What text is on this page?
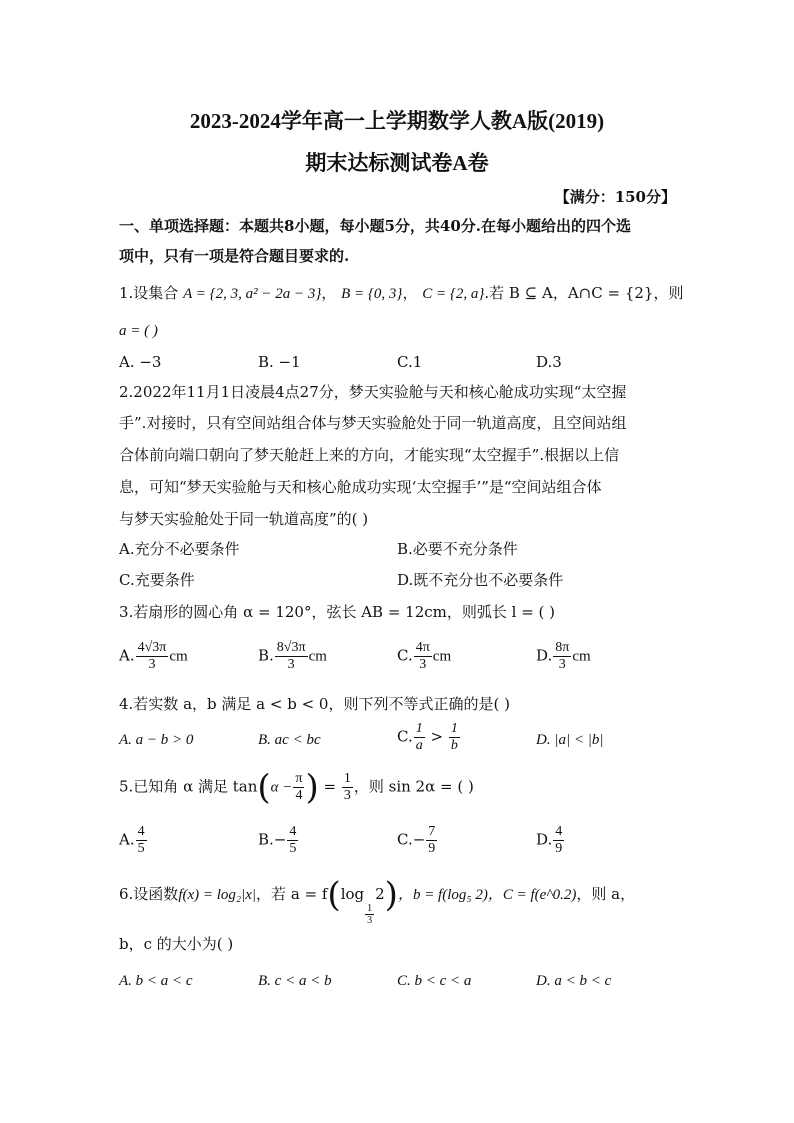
2023-2024学年高一上学期数学人教A版(2019)
期末达标测试卷A卷
【满分：150分】
一、单项选择题：本题共8小题，每小题5分，共40分.在每小题给出的四个选
项中，只有一项是符合题目要求的.
1.设集合 A = {2, 3, a² − 2a − 3}， B = {0, 3}， C = {2, a}.若 B ⊆ A，A∩C = {2}，则
a = ( )
A. −3	B. −1	C.1	D.3
2.2022年11月1日凌晨4点27分，梦天实验舱与天和核心舱成功实现“太空握
手”.对接时，只有空间站组合体与梦天实验舱处于同一轨道高度，且空间站组
合体前向端口朝向了梦天舱赶上来的方向，才能实现“太空握手”.根据以上信
息，可知“梦天实验舱与天和核心舱成功实现‘太空握手’”是“空间站组合体
与梦天实验舱处于同一轨道高度”的( )
A.充分不必要条件	B.必要不充分条件
C.充要条件	D.既不充分也不必要条件
3.若扇形的圆心角 α = 120°，弦长 AB = 12cm，则弧长 l = ( )
A. $\frac{4√3\pi}{3}$ cm	B. $\frac{8√3\pi}{3}$ cm	C. $\frac{4\pi}{3}$ cm	D. $\frac{8\pi}{3}$ cm
4.若实数 a，b 满足 a < b < 0，则下列不等式正确的是( )
A. a − b > 0	B. ac < bc	C. $\frac{1}{a} > \frac{1}{b}$	D. |a| < |b|
5.已知角 α 满足 $\tan(\alpha - \frac{\pi}{4}$ ) = $\frac{1}{3}$ ，则 sin 2α = ( )
A. $\frac{4}{5}$	$B.- \frac{4}{5}$	$C.- \frac{7}{9}$	D. $\frac{4}{9}$
6.设函数f(x) = log₂|x|，若 a = f(log
$\frac{1}{3}$
2)，b = f(log₅ 2)，C = f(e^0.2)，则 a，
b，c 的大小为( )
A. b < a < c	B. c < a < b	C. b < c < a	D. a < b < c
